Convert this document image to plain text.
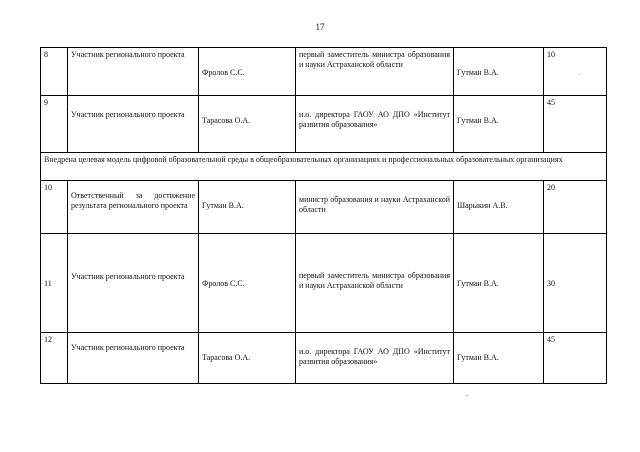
17
8	Участник регионального проекта	Фролов С.С.	первый заместитель министра образования и науки Астраханской области	Гутман В.А.	10
9	Участник регионального проекта	Тарасова О.А.	и.о. директора ГАОУ АО ДПО «Институт развития образования»	Гутман В.А.	45
Внедрена целевая модель цифровой образовательной среды в общеобразовательных организациях и профессиональных образовательных организациях					
10	Ответственный за достижение результата регионального проекта	Гутман В.А.	министр образования и науки Астраханской области	Шарыкин А.В.	20
11	Участник регионального проекта	Фролов С.С.	первый заместитель министра образования и науки Астраханской области	Гутман В.А.	30
12	Участник регионального проекта	Тарасова О.А.	и.о. директора ГАОУ АО ДПО «Институт развития образования»	Гутман В.А.	45
·
-
